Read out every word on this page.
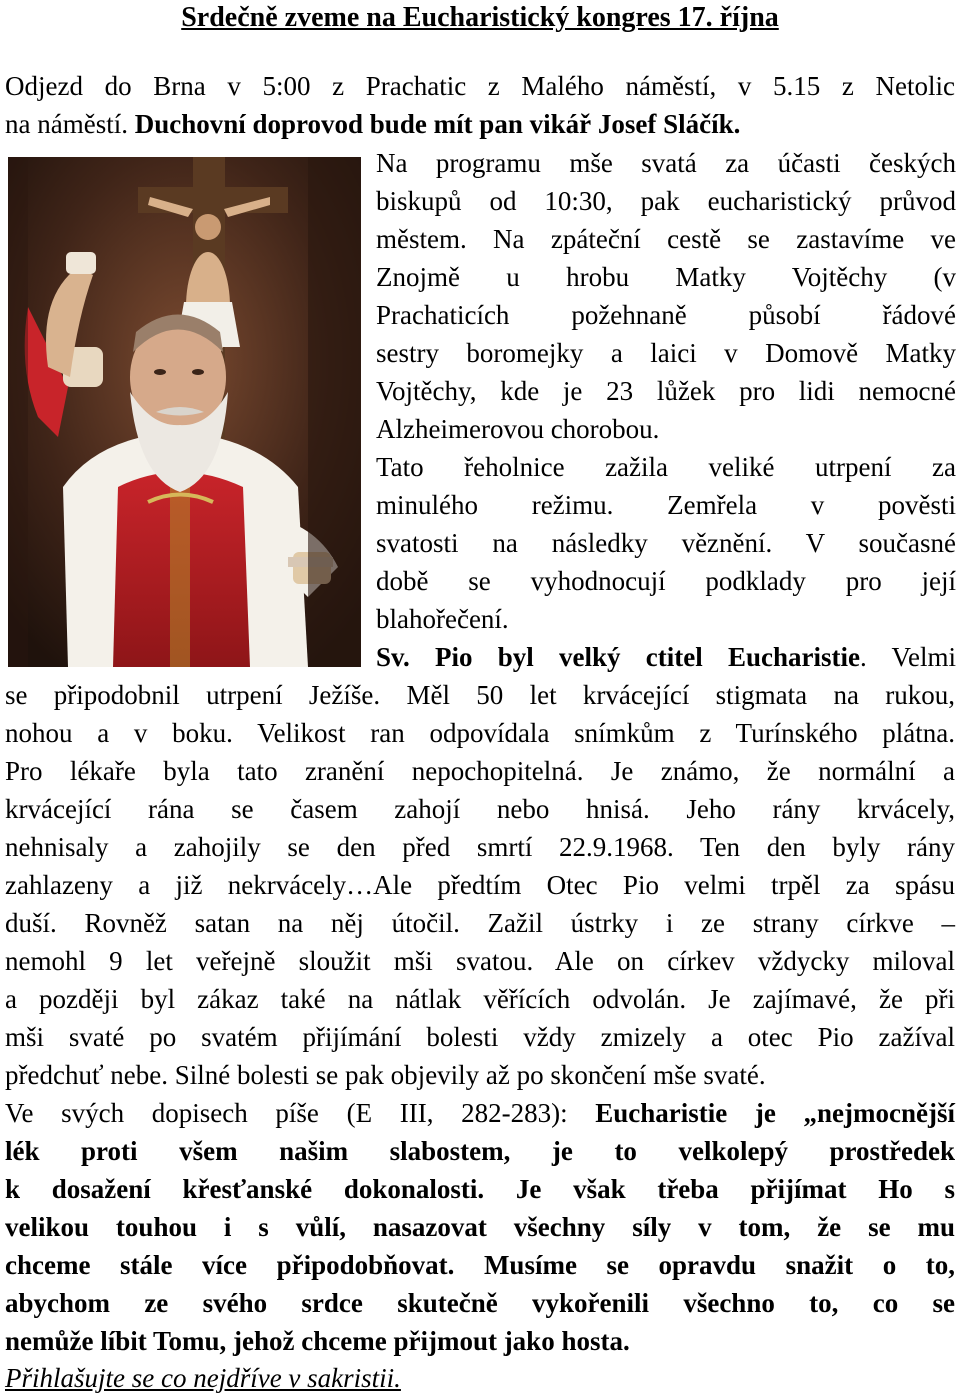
Srdečně zveme na Eucharistický kongres 17. října
Odjezd do Brna v 5:00 z Prachatic z Malého náměstí, v 5.15 z Netolic
na náměstí. Duchovní doprovod bude mít pan vikář Josef Sláčík.
Na programu mše svatá za účasti českých
biskupů od 10:30, pak eucharistický průvod
městem. Na zpáteční cestě se zastavíme ve
Znojmě u hrobu Matky Vojtěchy (v
Prachaticích požehnaně působí řádové
sestry boromejky a laici v Domově Matky
Vojtěchy, kde je 23 lůžek pro lidi nemocné
Alzheimerovou chorobou.
Tato řeholnice zažila veliké utrpení za
minulého režimu. Zemřela v pověsti
svatosti na následky věznění. V současné
době se vyhodnocují podklady pro její
blahořečení.
Sv. Pio byl velký ctitel Eucharistie. Velmi
se připodobnil utrpení Ježíše. Měl 50 let krvácející stigmata na rukou,
nohou a v boku. Velikost ran odpovídala snímkům z Turínského plátna.
Pro lékaře byla tato zranění nepochopitelná. Je známo, že normální a
krvácející rána se časem zahojí nebo hnisá. Jeho rány krvácely,
nehnisaly a zahojily se den před smrtí 22.9.1968. Ten den byly rány
zahlazeny a již nekrvácely…Ale předtím Otec Pio velmi trpěl za spásu
duší. Rovněž satan na něj útočil. Zažil ústrky i ze strany církve –
nemohl 9 let veřejně sloužit mši svatou. Ale on církev vždycky miloval
a později byl zákaz také na nátlak věřících odvolán. Je zajímavé, že při
mši svaté po svatém přijímání bolesti vždy zmizely a otec Pio zažíval
předchuť nebe. Silné bolesti se pak objevily až po skončení mše svaté.
Ve svých dopisech píše (E III, 282-283): Eucharistie je „nejmocnější
lék proti všem našim slabostem, je to velkolepý prostředek
k dosažení křesťanské dokonalosti. Je však třeba přijímat Ho s
velikou touhou i s vůlí, nasazovat všechny síly v tom, že se mu
chceme stále více připodobňovat. Musíme se opravdu snažit o to,
abychom ze svého srdce skutečně vykořenili všechno to, co se
nemůže líbit Tomu, jehož chceme přijmout jako hosta.
Přihlašujte se co nejdříve v sakristii.
